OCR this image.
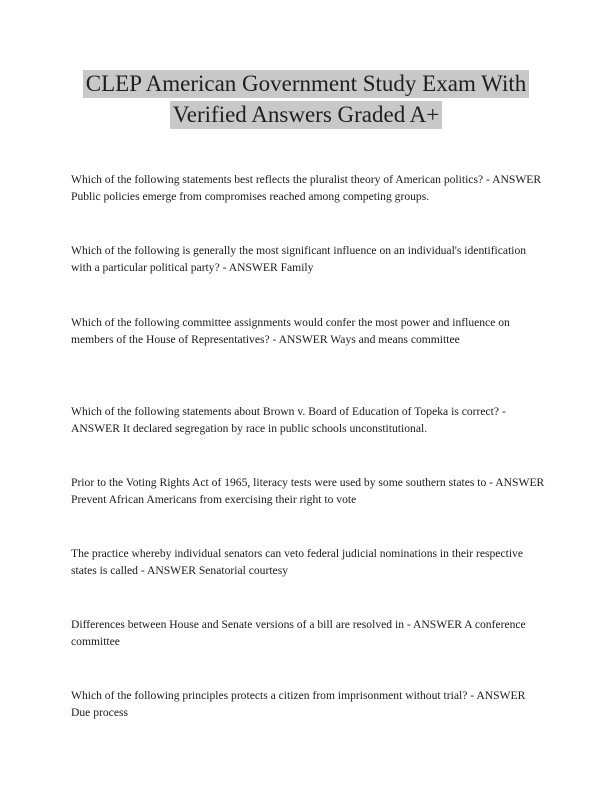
CLEP American Government Study Exam With
Verified Answers Graded A+

Which of the following statements best reflects the pluralist theory of American politics? - ANSWER Public policies emerge from compromises reached among competing groups.

Which of the following is generally the most significant influence on an individual's identification with a particular political party? - ANSWER Family

Which of the following committee assignments would confer the most power and influence on members of the House of Representatives? - ANSWER Ways and means committee

Which of the following statements about Brown v. Board of Education of Topeka is correct? - ANSWER It declared segregation by race in public schools unconstitutional.

Prior to the Voting Rights Act of 1965, literacy tests were used by some southern states to - ANSWER Prevent African Americans from exercising their right to vote

The practice whereby individual senators can veto federal judicial nominations in their respective states is called - ANSWER Senatorial courtesy

Differences between House and Senate versions of a bill are resolved in - ANSWER A conference committee

Which of the following principles protects a citizen from imprisonment without trial? - ANSWER Due process
